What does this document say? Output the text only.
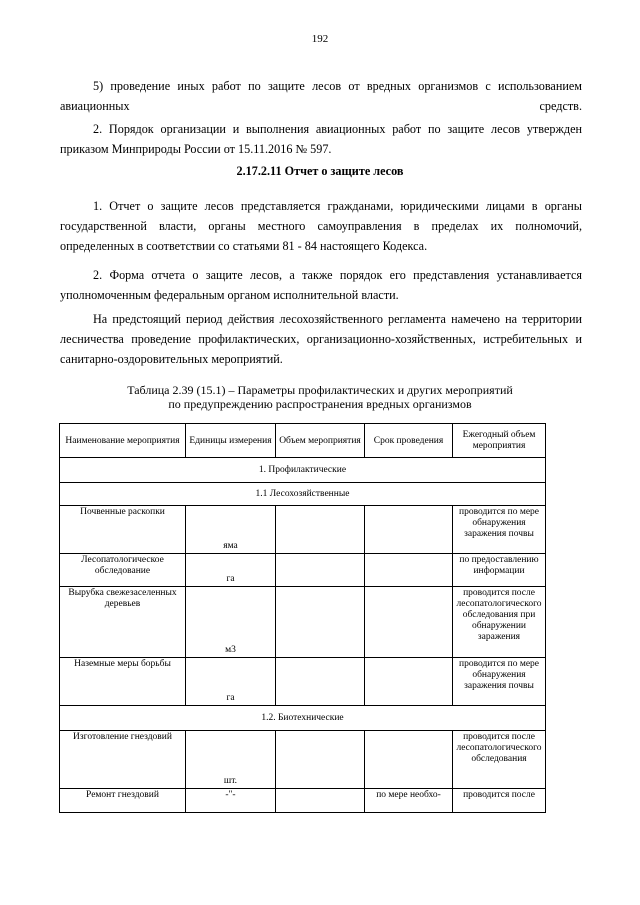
192
5) проведение иных работ по защите лесов от вредных организмов с использованием авиационных средств.
2. Порядок организации и выполнения авиационных работ по защите лесов утвержден приказом Минприроды России от 15.11.2016 № 597.
2.17.2.11 Отчет о защите лесов
1. Отчет о защите лесов представляется гражданами, юридическими лицами в органы государственной власти, органы местного самоуправления в пределах их полномочий, определенных в соответствии со статьями 81 - 84 настоящего Кодекса.
2. Форма отчета о защите лесов, а также порядок его представления устанавливается уполномоченным федеральным органом исполнительной власти.
На предстоящий период действия лесохозяйственного регламента намечено на территории лесничества проведение профилактических, организационно-хозяйственных, истребительных и санитарно-оздоровительных мероприятий.
Таблица 2.39 (15.1) – Параметры профилактических и других мероприятий
по предупреждению распространения вредных организмов
Наименование мероприятия	Единицы измерения	Объем мероприятия	Срок проведения	Ежегодный объем мероприятия
1. Профилактические				
1.1 Лесохозяйственные				
Почвенные раскопки	яма			проводится по мере обнаружения заражения почвы
Лесопатологическое обследование	га			по предоставлению информации
Вырубка свежезаселенных деревьев	м3			проводится после лесопатологического обследования при обнаружении заражения
Наземные меры борьбы	га			проводится по мере обнаружения заражения почвы
1.2. Биотехнические				
Изготовление гнездовий	шт.			проводится после лесопатологического обследования
Ремонт гнездовий	-"-		по мере необхо-	проводится после
